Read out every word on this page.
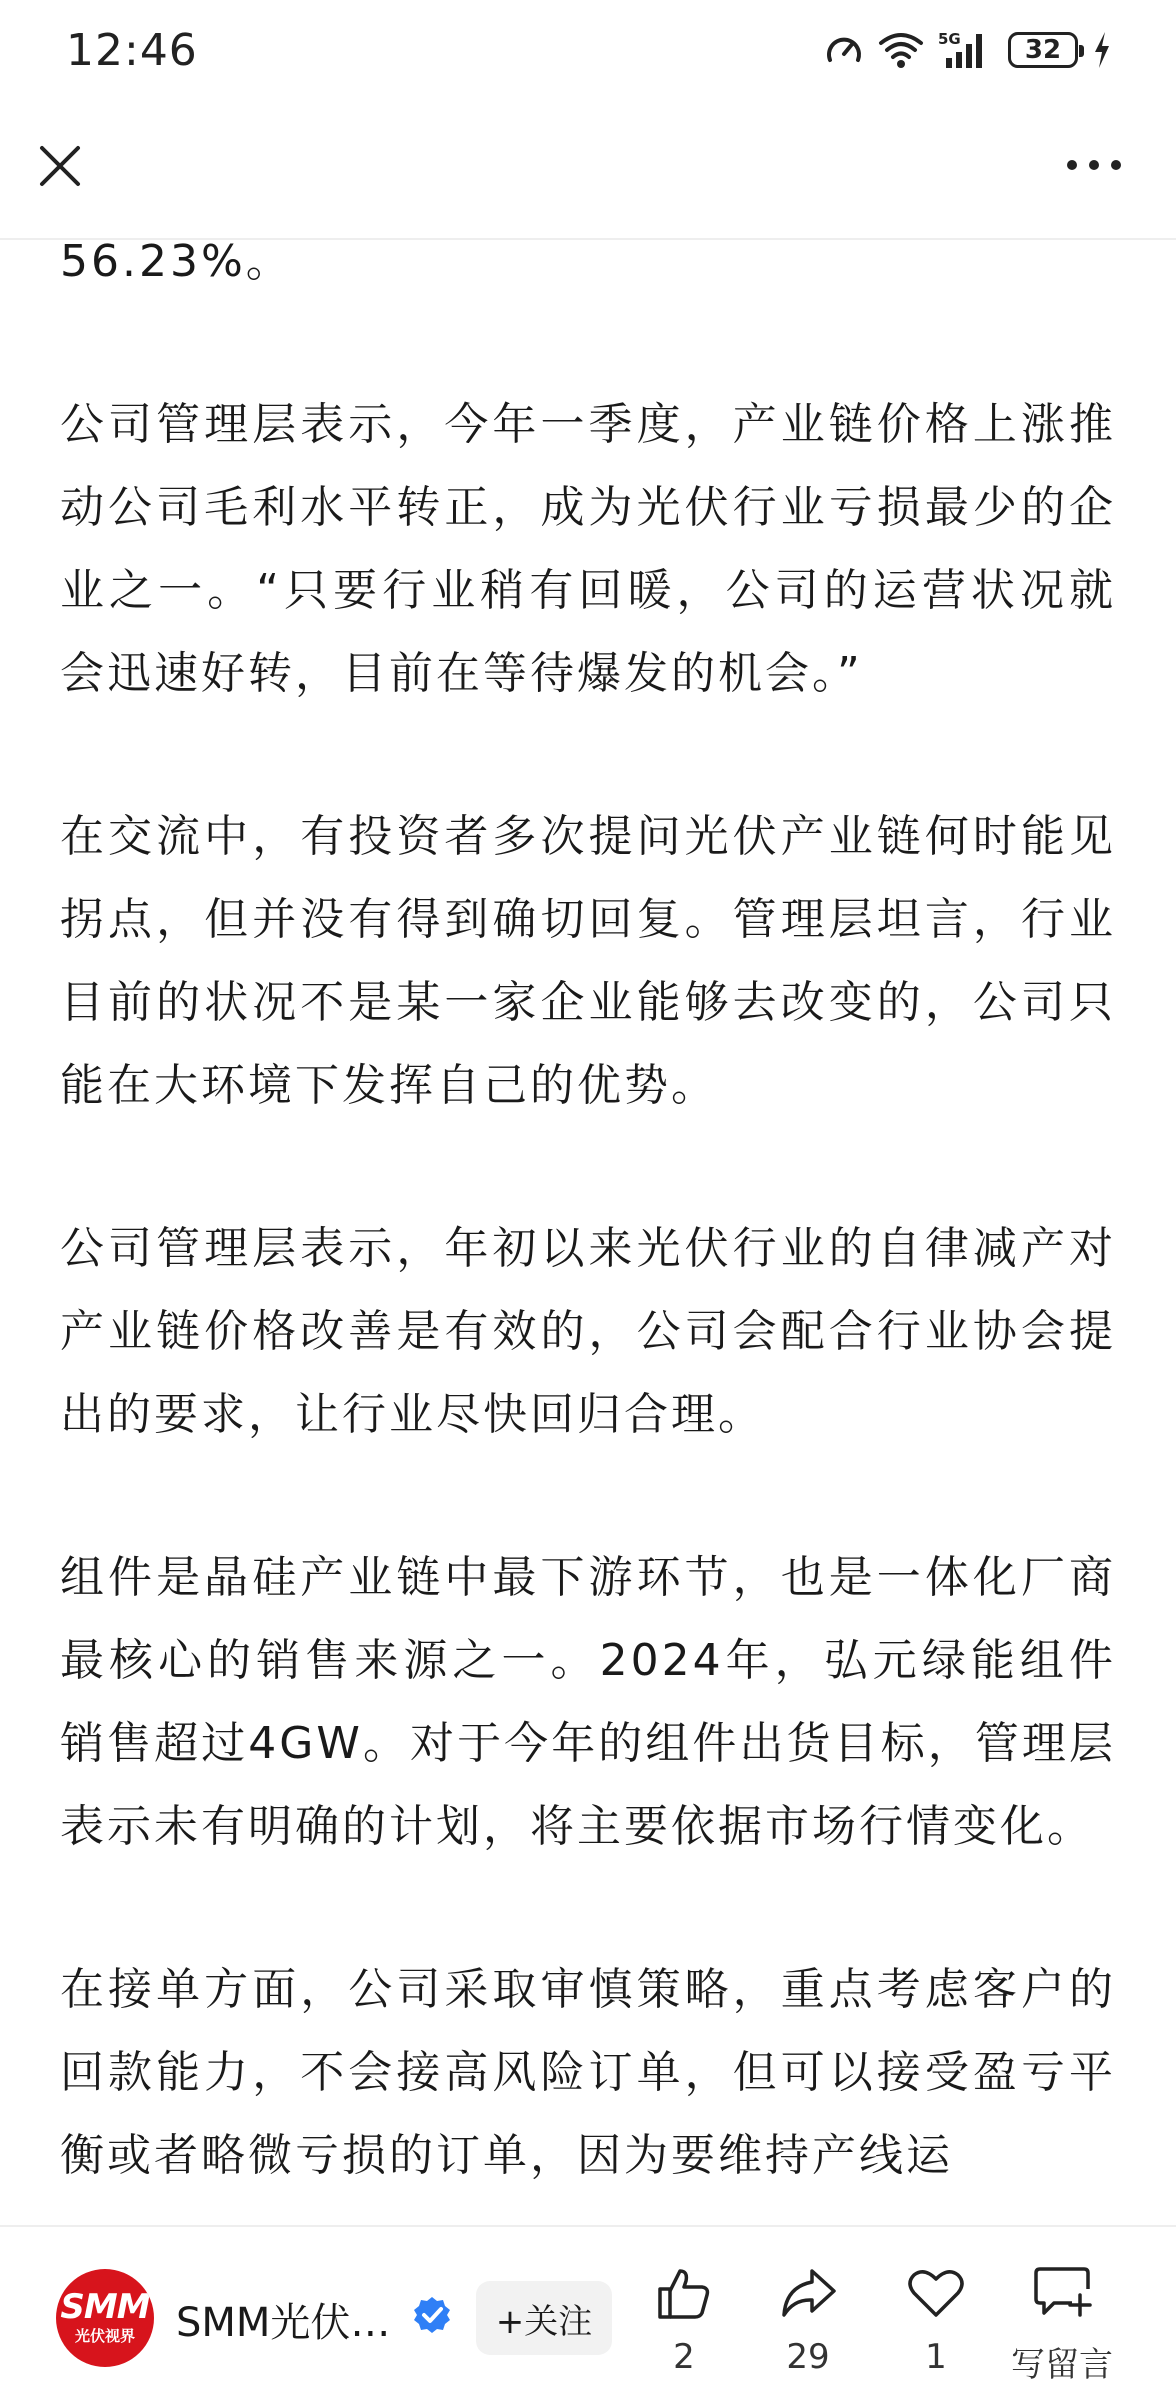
12:46	5G 32

56.23%。

公司管理层表示，今年一季度，产业链价格上涨推动公司毛利水平转正，成为光伏行业亏损最少的企业之一。“只要行业稍有回暖，公司的运营状况就会迅速好转，目前在等待爆发的机会。”

在交流中，有投资者多次提问光伏产业链何时能见拐点，但并没有得到确切回复。管理层坦言，行业目前的状况不是某一家企业能够去改变的，公司只能在大环境下发挥自己的优势。

公司管理层表示，年初以来光伏行业的自律减产对产业链价格改善是有效的，公司会配合行业协会提出的要求，让行业尽快回归合理。

组件是晶硅产业链中最下游环节，也是一体化厂商最核心的销售来源之一。2024年，弘元绿能组件销售超过4GW。对于今年的组件出货目标，管理层表示未有明确的计划，将主要依据市场行情变化。

在接单方面，公司采取审慎策略，重点考虑客户的回款能力，不会接高风险订单，但可以接受盈亏平衡或者略微亏损的订单，因为要维持产线运

SMM
光伏视界 SMM光伏…	+关注
2	29	1 写留言
